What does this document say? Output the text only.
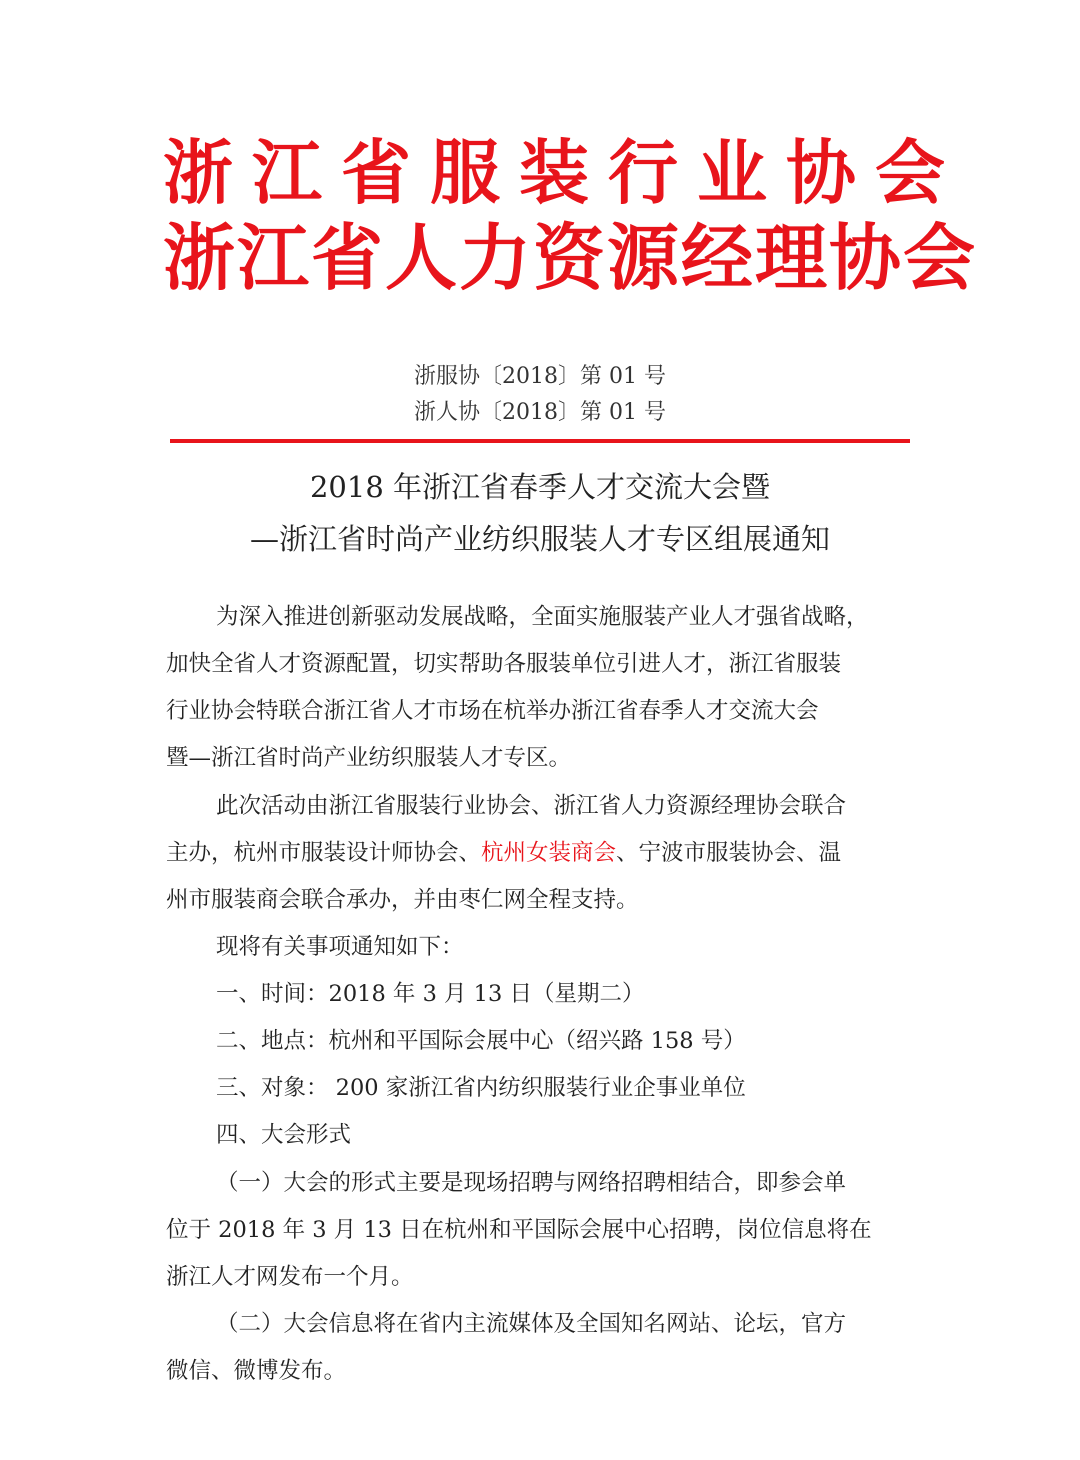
浙江省服装行业协会
浙江省人力资源经理协会
浙服协〔2018〕第 01 号
浙人协〔2018〕第 01 号
2018 年浙江省春季人才交流大会暨
—浙江省时尚产业纺织服装人才专区组展通知
为深入推进创新驱动发展战略，全面实施服装产业人才强省战略，
加快全省人才资源配置，切实帮助各服装单位引进人才，浙江省服装
行业协会特联合浙江省人才市场在杭举办浙江省春季人才交流大会
暨—浙江省时尚产业纺织服装人才专区。
此次活动由浙江省服装行业协会、浙江省人力资源经理协会联合
主办，杭州市服装设计师协会、杭州女装商会、宁波市服装协会、温
州市服装商会联合承办，并由枣仁网全程支持。
现将有关事项通知如下：
一、时间：2018 年 3 月 13 日（星期二）
二、地点：杭州和平国际会展中心（绍兴路 158 号）
三、对象： 200 家浙江省内纺织服装行业企事业单位
四、大会形式
（一）大会的形式主要是现场招聘与网络招聘相结合，即参会单
位于 2018 年 3 月 13 日在杭州和平国际会展中心招聘，岗位信息将在
浙江人才网发布一个月。
（二）大会信息将在省内主流媒体及全国知名网站、论坛，官方
微信、微博发布。
